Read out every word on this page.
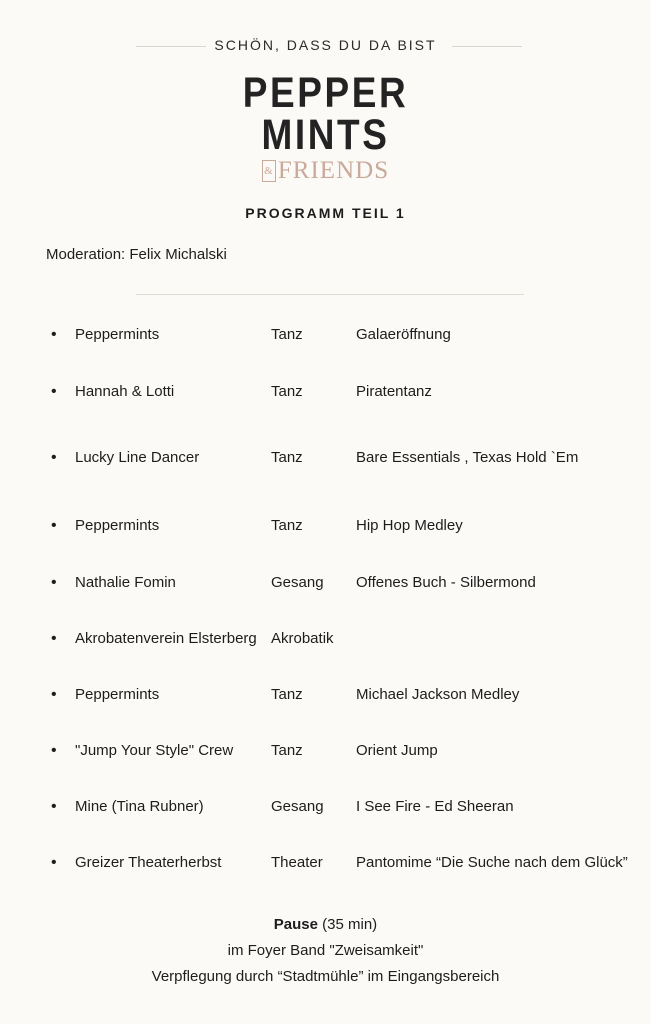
SCHÖN, DASS DU DA BIST
PEPPER
MINTS
& FRIENDS
PROGRAMM TEIL 1
Moderation: Felix Michalski
• Peppermints	Tanz	Galaeröffnung
• Hannah & Lotti	Tanz	Piratentanz
• Lucky Line Dancer	Tanz	Bare Essentials , Texas Hold `Em
• Peppermints	Tanz	Hip Hop Medley
• Nathalie Fomin	Gesang Offenes Buch - Silbermond
• Akrobatenverein Elsterberg Akrobatik
• Peppermints	Tanz	Michael Jackson Medley
• "Jump Your Style" Crew	Tanz	Orient Jump
• Mine (Tina Rubner)	Gesang I See Fire - Ed Sheeran
• Greizer Theaterherbst	Theater Pantomime “Die Suche nach dem Glück”
Pause (35 min)
im Foyer Band "Zweisamkeit"
Verpflegung durch “Stadtmühle” im Eingangsbereich
